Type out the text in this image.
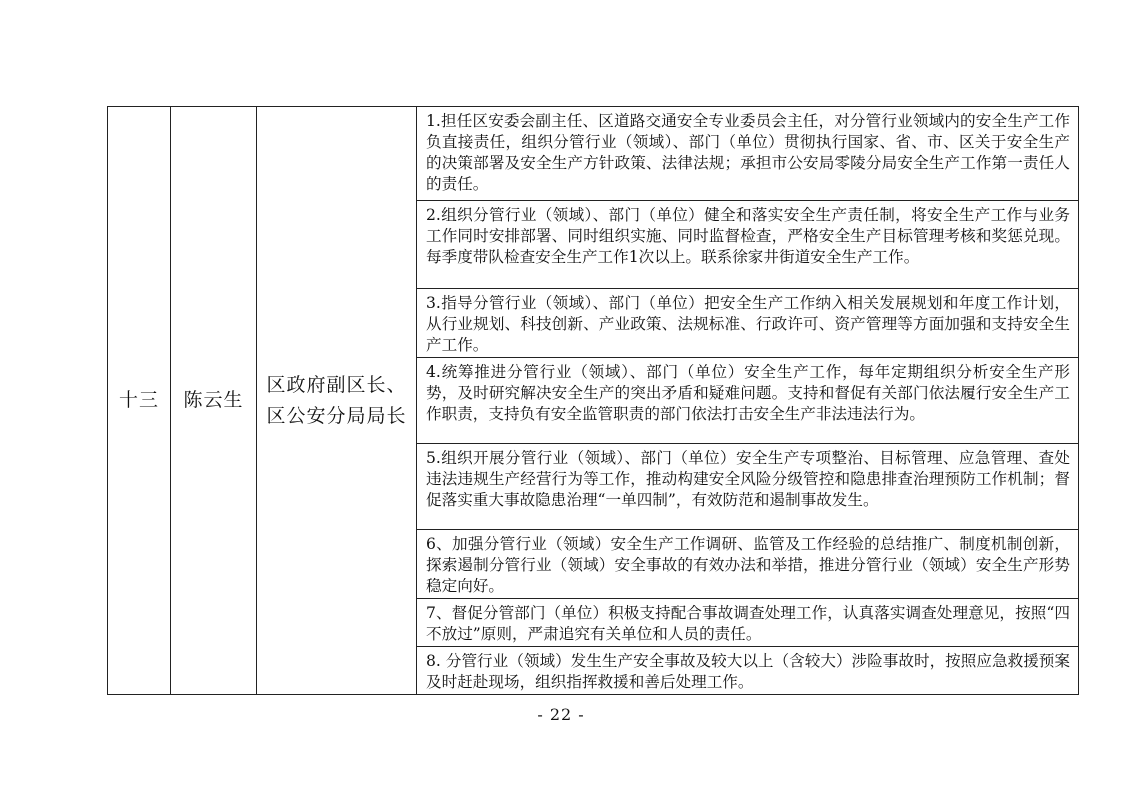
十三	陈云生	区政府副区长、区公安分局局长	1.担任区安委会副主任、区道路交通安全专业委员会主任，对分管行业领域内的安全生产工作负直接责任，组织分管行业（领域）、部门（单位）贯彻执行国家、省、市、区关于安全生产的决策部署及安全生产方针政策、法律法规；承担市公安局零陵分局安全生产工作第一责任人的责任。
2.组织分管行业（领域）、部门（单位）健全和落实安全生产责任制，将安全生产工作与业务工作同时安排部署、同时组织实施、同时监督检查，严格安全生产目标管理考核和奖惩兑现。每季度带队检查安全生产工作1次以上。联系徐家井街道安全生产工作。
3.指导分管行业（领域）、部门（单位）把安全生产工作纳入相关发展规划和年度工作计划，从行业规划、科技创新、产业政策、法规标准、行政许可、资产管理等方面加强和支持安全生产工作。
4.统筹推进分管行业（领域）、部门（单位）安全生产工作，每年定期组织分析安全生产形势，及时研究解决安全生产的突出矛盾和疑难问题。支持和督促有关部门依法履行安全生产工作职责，支持负有安全监管职责的部门依法打击安全生产非法违法行为。
5.组织开展分管行业（领域）、部门（单位）安全生产专项整治、目标管理、应急管理、查处违法违规生产经营行为等工作，推动构建安全风险分级管控和隐患排查治理预防工作机制；督促落实重大事故隐患治理“一单四制”，有效防范和遏制事故发生。
6、加强分管行业（领域）安全生产工作调研、监管及工作经验的总结推广、制度机制创新，探索遏制分管行业（领域）安全事故的有效办法和举措，推进分管行业（领域）安全生产形势稳定向好。
7、督促分管部门（单位）积极支持配合事故调查处理工作，认真落实调查处理意见，按照“四不放过”原则，严肃追究有关单位和人员的责任。
8. 分管行业（领域）发生生产安全事故及较大以上（含较大）涉险事故时，按照应急救援预案及时赶赴现场，组织指挥救援和善后处理工作。
- 22 -
